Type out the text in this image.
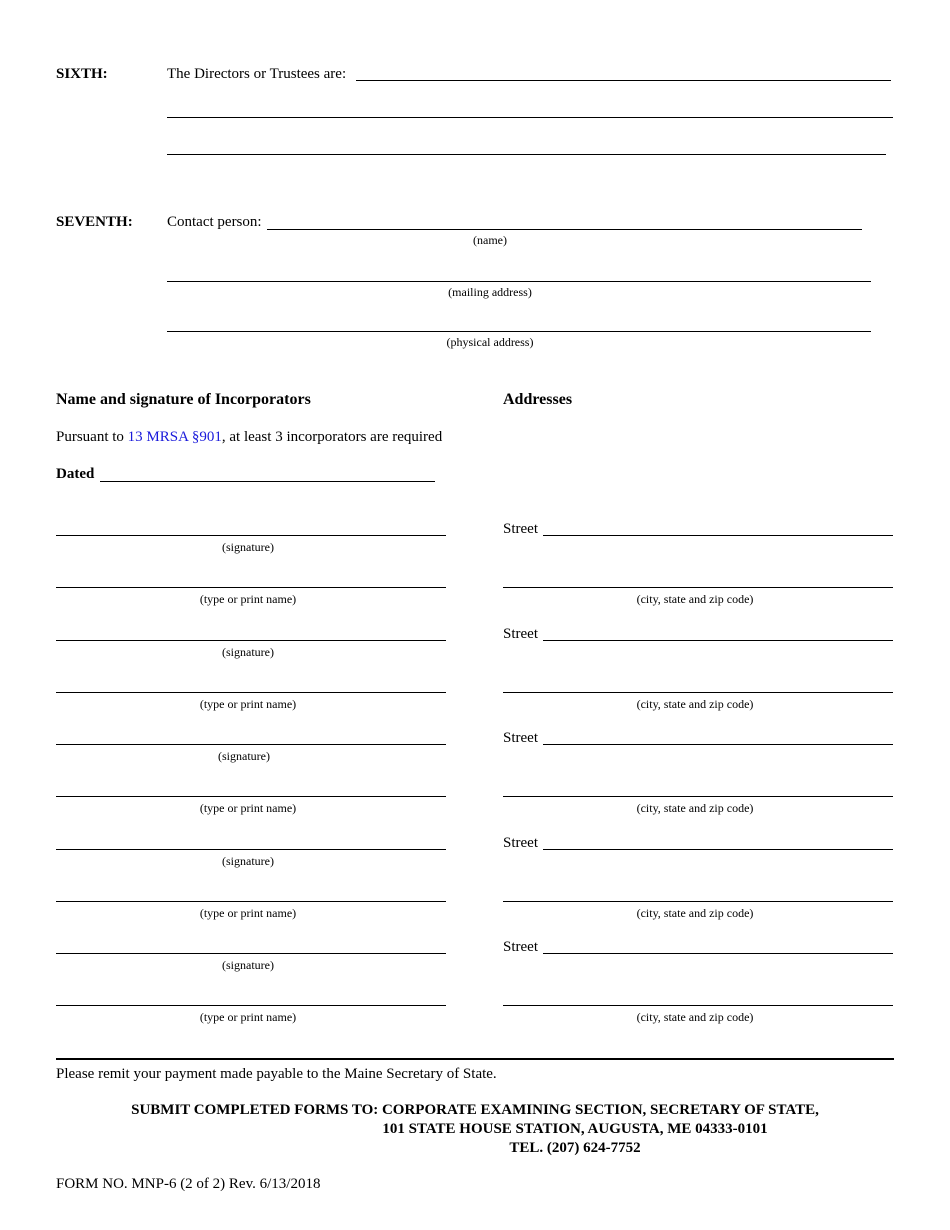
SIXTH:	The Directors or Trustees are:
SEVENTH: Contact person:
(name)
(mailing address)
(physical address)
Name and signature of Incorporators	Addresses
Pursuant to 13 MRSA §901, at least 3 incorporators are required
Dated
(signature)
(type or print name)
Street
(city, state and zip code)
(signature)
(type or print name)
Street
(city, state and zip code)
(signature)
(type or print name)
Street
(city, state and zip code)
(signature)
(type or print name)
Street
(city, state and zip code)
(signature)
(type or print name)
Street
(city, state and zip code)
Please remit your payment made payable to the Maine Secretary of State.
SUBMIT COMPLETED FORMS TO: CORPORATE EXAMINING SECTION, SECRETARY OF STATE,
101 STATE HOUSE STATION, AUGUSTA, ME 04333-0101
TEL. (207) 624-7752
FORM NO. MNP-6 (2 of 2) Rev. 6/13/2018
